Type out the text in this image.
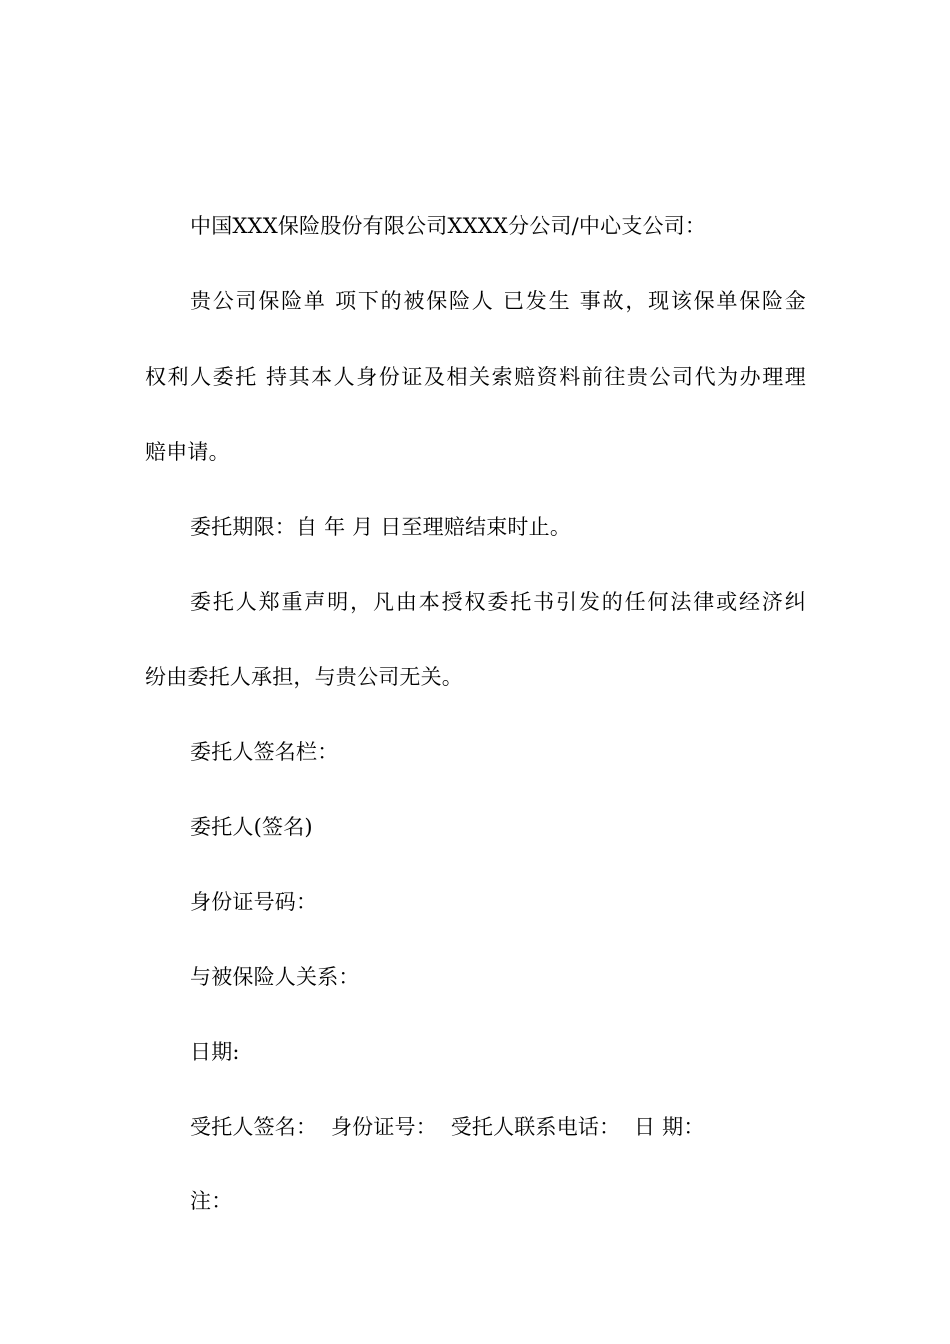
中国XXX保险股份有限公司XXXX分公司/中心支公司：
贵公司保险单 项下的被保险人 已发生 事故，现该保单保险金
权利人委托 持其本人身份证及相关索赔资料前往贵公司代为办理理
赔申请。
委托期限：自 年 月 日至理赔结束时止。
委托人郑重声明，凡由本授权委托书引发的任何法律或经济纠
纷由委托人承担，与贵公司无关。
委托人签名栏：
委托人(签名)
身份证号码：
与被保险人关系：
日期:
受托人签名：  身份证号：  受托人联系电话：  日 期：
注：
